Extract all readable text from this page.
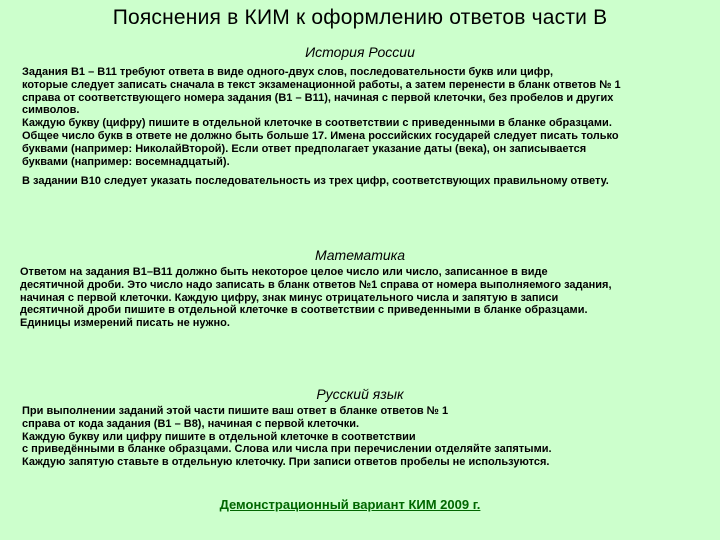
Пояснения в КИМ к оформлению ответов части В
История России

Задания В1 – В11 требуют ответа в виде одного-двух слов, последовательности букв или цифр,
которые следует записать сначала в текст экзаменационной работы, а затем перенести в бланк ответов № 1
справа от соответствующего номера задания (В1 – В11), начиная с первой клеточки, без пробелов и других
символов.
Каждую букву (цифру) пишите в отдельной клеточке в соответствии с приведенными в бланке образцами.
Общее число букв в ответе не должно быть больше 17. Имена российских государей следует писать только
буквами (например: НиколайВторой). Если ответ предполагает указание даты (века), он записывается
буквами (например: восемнадцатый).

В задании В10 следует указать последовательность из трех цифр, соответствующих правильному ответу.

Математика
Ответом на задания В1–В11 должно быть некоторое целое число или число, записанное в виде
десятичной дроби. Это число надо записать в бланк ответов №1 справа от номера выполняемого задания,
начиная с первой клеточки. Каждую цифру, знак минус отрицательного числа и запятую в записи
десятичной дроби пишите в отдельной клеточке в соответствии с приведенными в бланке образцами.
Единицы измерений писать не нужно.
Русский язык
При выполнении заданий этой части пишите ваш ответ в бланке ответов № 1
справа от кода задания (В1 – В8), начиная с первой клеточки.
Каждую букву или цифру пишите в отдельной клеточке в соответствии
с приведёнными в бланке образцами. Слова или числа при перечислении отделяйте запятыми.
Каждую запятую ставьте в отдельную клеточку. При записи ответов пробелы не используются.
Демонстрационный вариант КИМ 2009 г.
